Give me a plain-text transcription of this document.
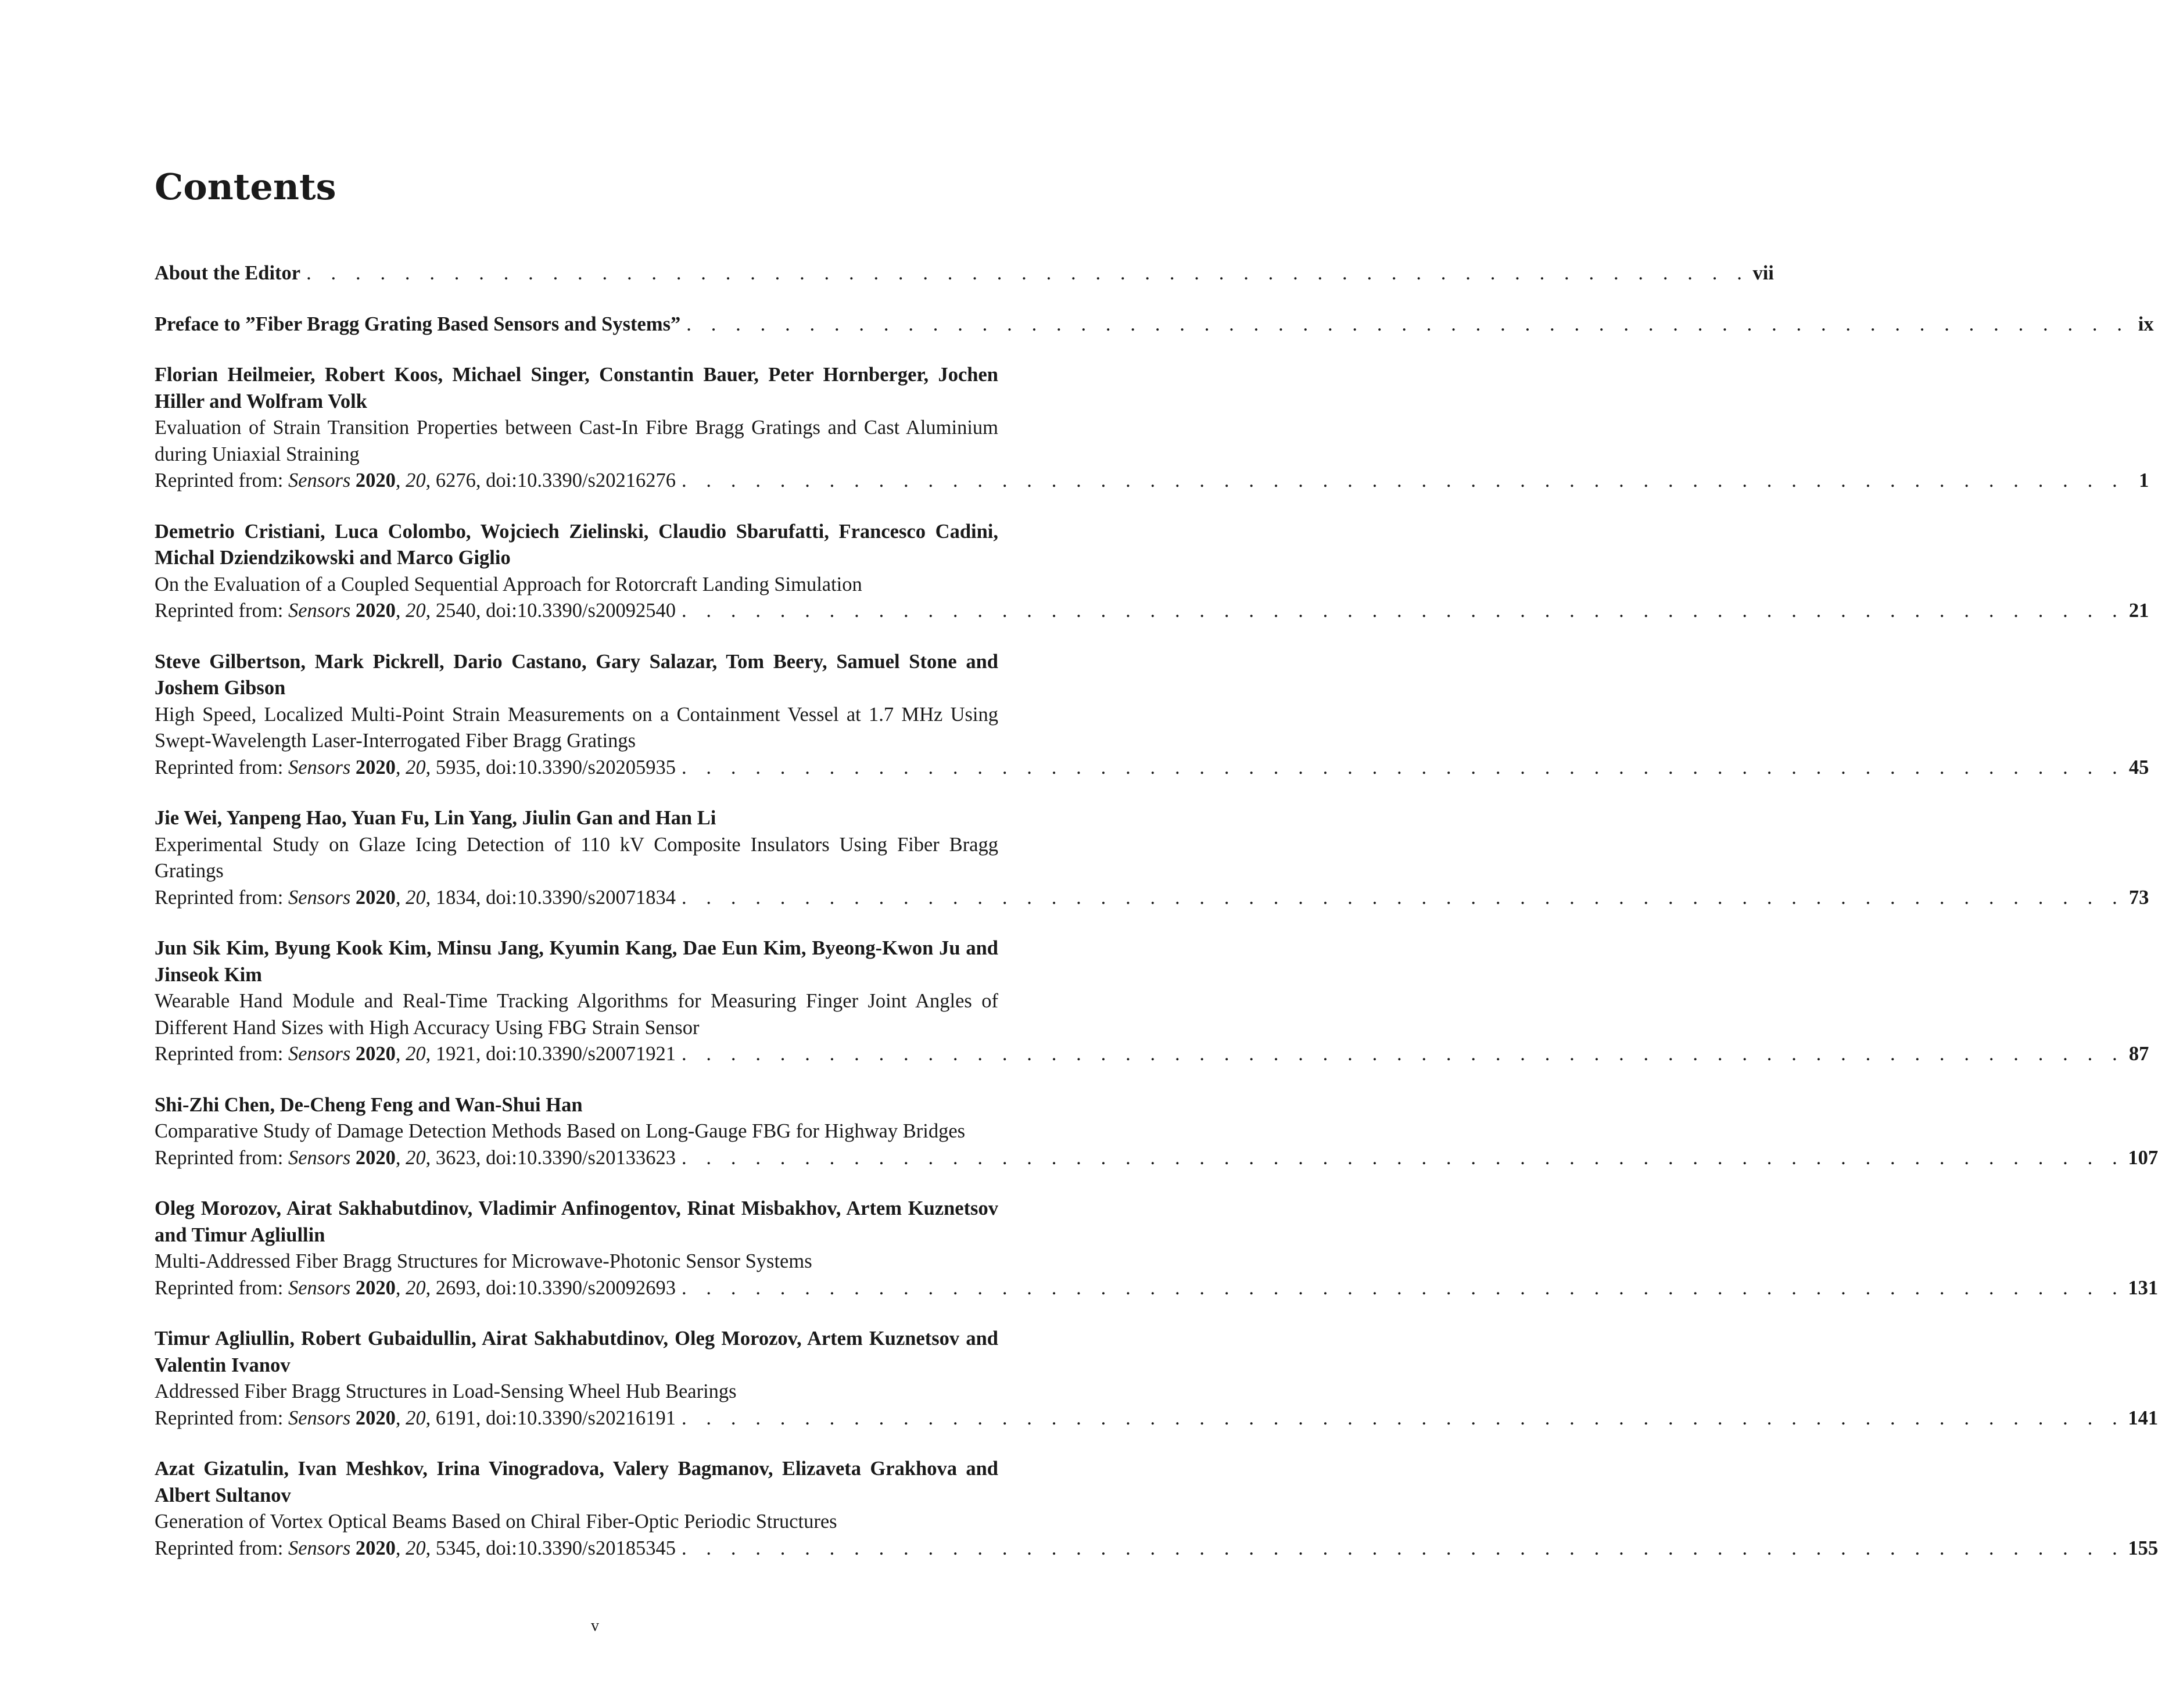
Contents
About the Editor . . . . . . . . . . . . . . . . . . . . . . . . . . . . . . . . . . . . . . . . . . . . . . . . . . . . . . . . . . . vii
Preface to ”Fiber Bragg Grating Based Sensors and Systems” . . . . . . . . . . . . . . . . . . . . . . . . . . . . . . . . . . . . . . . . . . . . . . . . . . . . . . . . . . . ix
Florian Heilmeier, Robert Koos, Michael Singer, Constantin Bauer, Peter Hornberger, Jochen Hiller and Wolfram Volk
Evaluation of Strain Transition Properties between Cast-In Fibre Bragg Gratings and Cast Aluminium during Uniaxial Straining
Reprinted from: Sensors 2020, 20, 6276, doi:10.3390/s20216276 . . . . . . . . . . . . . . . . . . . . . . . . . . . . . . . . . . . . . . . . . . . . . . . . . . . . . . . . . . . 1
Demetrio Cristiani, Luca Colombo, Wojciech Zielinski, Claudio Sbarufatti, Francesco Cadini, Michal Dziendzikowski and Marco Giglio
On the Evaluation of a Coupled Sequential Approach for Rotorcraft Landing Simulation
Reprinted from: Sensors 2020, 20, 2540, doi:10.3390/s20092540 . . . . . . . . . . . . . . . . . . . . . . . . . . . . . . . . . . . . . . . . . . . . . . . . . . . . . . . . . . . 21
Steve Gilbertson, Mark Pickrell, Dario Castano, Gary Salazar, Tom Beery, Samuel Stone and Joshem Gibson
High Speed, Localized Multi-Point Strain Measurements on a Containment Vessel at 1.7 MHz Using Swept-Wavelength Laser-Interrogated Fiber Bragg Gratings
Reprinted from: Sensors 2020, 20, 5935, doi:10.3390/s20205935 . . . . . . . . . . . . . . . . . . . . . . . . . . . . . . . . . . . . . . . . . . . . . . . . . . . . . . . . . . . 45
Jie Wei, Yanpeng Hao, Yuan Fu, Lin Yang, Jiulin Gan and Han Li
Experimental Study on Glaze Icing Detection of 110 kV Composite Insulators Using Fiber Bragg Gratings
Reprinted from: Sensors 2020, 20, 1834, doi:10.3390/s20071834 . . . . . . . . . . . . . . . . . . . . . . . . . . . . . . . . . . . . . . . . . . . . . . . . . . . . . . . . . . . 73
Jun Sik Kim, Byung Kook Kim, Minsu Jang, Kyumin Kang, Dae Eun Kim, Byeong-Kwon Ju and Jinseok Kim
Wearable Hand Module and Real-Time Tracking Algorithms for Measuring Finger Joint Angles of Different Hand Sizes with High Accuracy Using FBG Strain Sensor
Reprinted from: Sensors 2020, 20, 1921, doi:10.3390/s20071921 . . . . . . . . . . . . . . . . . . . . . . . . . . . . . . . . . . . . . . . . . . . . . . . . . . . . . . . . . . . 87
Shi-Zhi Chen, De-Cheng Feng and Wan-Shui Han
Comparative Study of Damage Detection Methods Based on Long-Gauge FBG for Highway Bridges
Reprinted from: Sensors 2020, 20, 3623, doi:10.3390/s20133623 . . . . . . . . . . . . . . . . . . . . . . . . . . . . . . . . . . . . . . . . . . . . . . . . . . . . . . . . . . . 107
Oleg Morozov, Airat Sakhabutdinov, Vladimir Anfinogentov, Rinat Misbakhov, Artem Kuznetsov and Timur Agliullin
Multi-Addressed Fiber Bragg Structures for Microwave-Photonic Sensor Systems
Reprinted from: Sensors 2020, 20, 2693, doi:10.3390/s20092693 . . . . . . . . . . . . . . . . . . . . . . . . . . . . . . . . . . . . . . . . . . . . . . . . . . . . . . . . . . . 131
Timur Agliullin, Robert Gubaidullin, Airat Sakhabutdinov, Oleg Morozov, Artem Kuznetsov and Valentin Ivanov
Addressed Fiber Bragg Structures in Load-Sensing Wheel Hub Bearings
Reprinted from: Sensors 2020, 20, 6191, doi:10.3390/s20216191 . . . . . . . . . . . . . . . . . . . . . . . . . . . . . . . . . . . . . . . . . . . . . . . . . . . . . . . . . . . 141
Azat Gizatulin, Ivan Meshkov, Irina Vinogradova, Valery Bagmanov, Elizaveta Grakhova and Albert Sultanov
Generation of Vortex Optical Beams Based on Chiral Fiber-Optic Periodic Structures
Reprinted from: Sensors 2020, 20, 5345, doi:10.3390/s20185345 . . . . . . . . . . . . . . . . . . . . . . . . . . . . . . . . . . . . . . . . . . . . . . . . . . . . . . . . . . . 155
v
